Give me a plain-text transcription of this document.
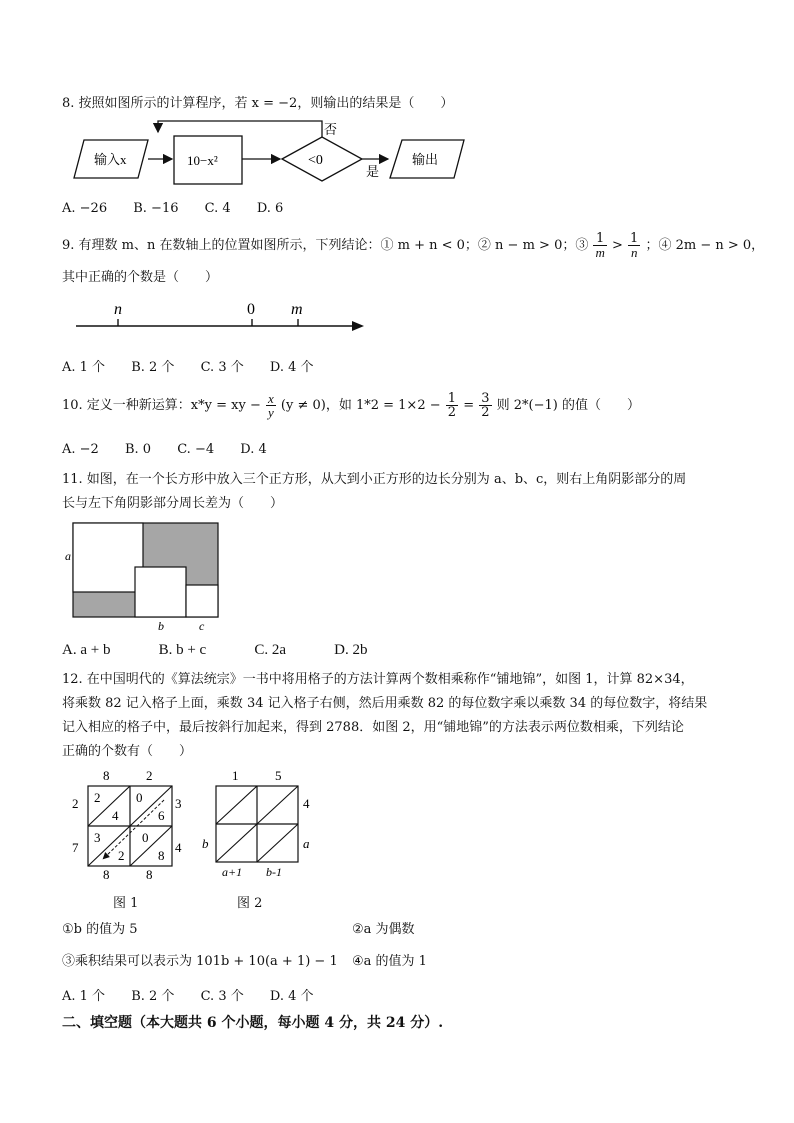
8. 按照如图所示的计算程序，若 x = −2，则输出的结果是（　　）
输入x	10−x²	<0
否
是
输出
A. −26 B. −16 C. 4 D. 6
9. 有理数 m、n 在数轴上的位置如图所示，下列结论：① m + n < 0；② n − m > 0；③ $\frac{1}{m} > \frac{1}{n}$ ；④ 2m − n > 0，
其中正确的个数是（　　）
n	0 m
A. 1 个 B. 2 个 C. 3 个 D. 4 个
10. 定义一种新运算：x*y = xy − $\frac{x}{y} (y \ne 0)$，如 $1*2 = 1\times 2 - \frac{1}{2} = \frac{3}{2}$ 则 2*(−1) 的值（　　）
A. −2 B. 0 C. −4 D. 4
11. 如图，在一个长方形中放入三个正方形，从大到小正方形的边长分别为 a、b、c，则右上角阴影部分的周
长与左下角阴影部分周长差为（　　）
a
b	c
A. a + b	B. b + c	C. 2a	D. 2b
12. 在中国明代的《算法统宗》一书中将用格子的方法计算两个数相乘称作“铺地锦”，如图 1，计算 82×34，
将乘数 82 记入格子上面，乘数 34 记入格子右侧，然后用乘数 82 的每位数字乘以乘数 34 的每位数字，将结果
记入相应的格子中，最后按斜行加起来，得到 2788．如图 2，用“铺地锦”的方法表示两位数相乘，下列结论
正确的个数有（　　）
8	2
2
7
3
4
2
4
0
6
3
2
0
8
8	8
图 1
1	5
4
a
b
a+1 b-1
图 2
①b 的值为 5	②a 为偶数
③乘积结果可以表示为 101b + 10(a + 1) − 1 ④a 的值为 1
A. 1 个 B. 2 个 C. 3 个 D. 4 个
二、填空题（本大题共 6 个小题，每小题 4 分，共 24 分）.
